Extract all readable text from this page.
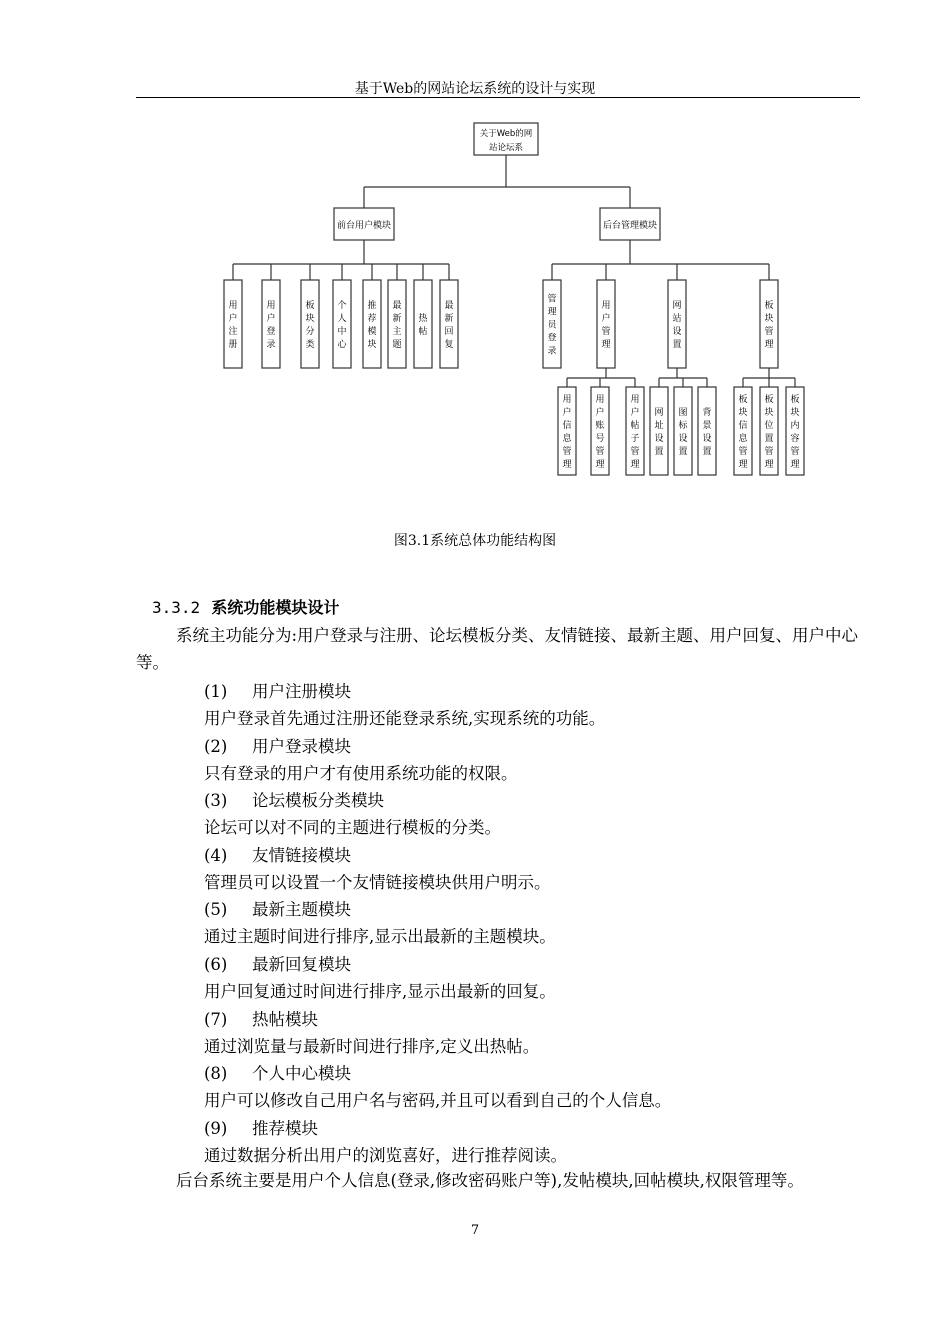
基于Web的网站论坛系统的设计与实现
关于Web的网
站论坛系
前台用户模块	后台管理模块
用
户
注
册
用
户
登
录
板
块
分
类
个
人
中
心
推
荐
模
块
最
新
主
题
热
帖
最
新
回
复
管
理
员
登
录
用
户
管
理
网
站
设
置
板
块
管
理
用
户
信
息
管
理
用
户
账
号
管
理
用
户
帖
子
管
理
网
址
设
置
图
标
设
置
背
景
设
置
板
块
信
息
管
理
板
块
位
置
管
理
板
块
内
容
管
理
图3.1系统总体功能结构图
3.3.2 系统功能模块设计

系统主功能分为:用户登录与注册、论坛模板分类、友情链接、最新主题、用户回复、用户中心等。

(1) 用户注册模块
用户登录首先通过注册还能登录系统,实现系统的功能。
(2) 用户登录模块
只有登录的用户才有使用系统功能的权限。
(3) 论坛模板分类模块
论坛可以对不同的主题进行模板的分类。
(4) 友情链接模块
管理员可以设置一个友情链接模块供用户明示。
(5) 最新主题模块
通过主题时间进行排序,显示出最新的主题模块。
(6) 最新回复模块
用户回复通过时间进行排序,显示出最新的回复。
(7) 热帖模块
通过浏览量与最新时间进行排序,定义出热帖。
(8) 个人中心模块
用户可以修改自己用户名与密码,并且可以看到自己的个人信息。
(9) 推荐模块
通过数据分析出用户的浏览喜好，进行推荐阅读。

后台系统主要是用户个人信息(登录,修改密码账户等),发帖模块,回帖模块,权限管理等。

7
